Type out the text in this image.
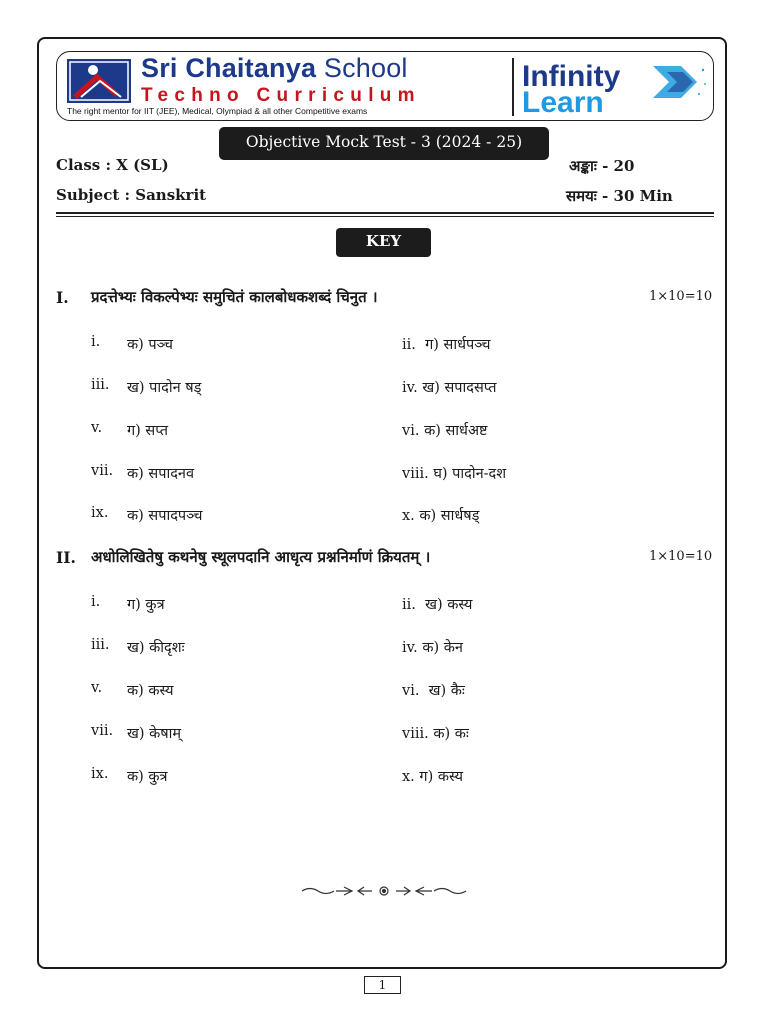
Sri Chaitanya School
Techno Curriculum
The right mentor for IIT (JEE), Medical, Olympiad & all other Competitive exams
Infinity
Learn
Objective Mock Test - 3 (2024 - 25)
Class : X (SL)	अङ्काः - 20
Subject : Sanskrit	समयः - 30 Min
KEY
I. प्रदत्तेभ्यः विकल्पेभ्यः समुचितं कालबोधकशब्दं चिनुत ।	1×10=10
i. क) पञ्च	ii. ग) सार्धपञ्च
iii. ख) पादोन षड्	iv. ख) सपादसप्त
v. ग) सप्त	vi. क) सार्धअष्ट
vii. क) सपादनव	viii. घ) पादोन-दश
ix. क) सपादपञ्च	x. क) सार्धषड्
II. अधोलिखितेषु कथनेषु स्थूलपदानि आधृत्य प्रश्ननिर्माणं क्रियतम् ।	1×10=10
i. ग) कुत्र	ii. ख) कस्य
iii. ख) कीदृशः	iv. क) केन
v. क) कस्य	vi. ख) कैः
vii. ख) केषाम्	viii. क) कः
ix. क) कुत्र	x. ग) कस्य
1
